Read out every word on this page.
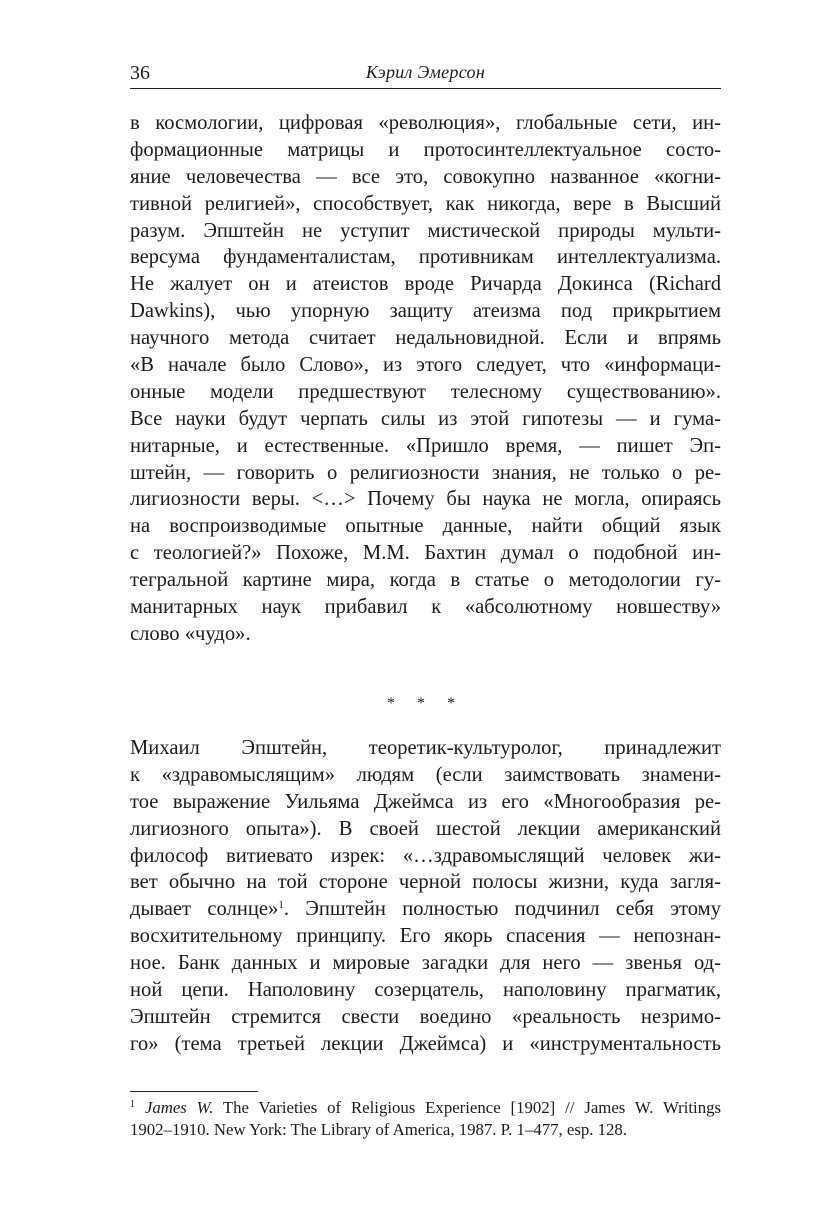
36	Кэрил Эмерсон
в космологии, цифровая «революция», глобальные сети, ин-
формационные матрицы и протосинтеллектуальное состо-
яние человечества — все это, совокупно названное «когни-
тивной религией», способствует, как никогда, вере в Высший
разум. Эпштейн не уступит мистической природы мульти-
версума фундаменталистам, противникам интеллектуализма.
Не жалует он и атеистов вроде Ричарда Докинса (Richard
Dawkins), чью упорную защиту атеизма под прикрытием
научного метода считает недальновидной. Если и впрямь
«В начале было Слово», из этого следует, что «информаци-
онные модели предшествуют телесному существованию».
Все науки будут черпать силы из этой гипотезы — и гума-
нитарные, и естественные. «Пришло время, — пишет Эп-
штейн, — говорить о религиозности знания, не только о ре-
лигиозности веры. <…> Почему бы наука не могла, опираясь
на воспроизводимые опытные данные, найти общий язык
с теологией?» Похоже, М.М. Бахтин думал о подобной ин-
тегральной картине мира, когда в статье о методологии гу-
манитарных наук прибавил к «абсолютному новшеству»
слово «чудо».
* * *
Михаил Эпштейн, теоретик-культуролог, принадлежит
к «здравомыслящим» людям (если заимствовать знамени-
тое выражение Уильяма Джеймса из его «Многообразия ре-
лигиозного опыта»). В своей шестой лекции американский
философ витиевато изрек: «…здравомыслящий человек жи-
вет обычно на той стороне черной полосы жизни, куда загля-
дывает солнце»$^1$. Эпштейн полностью подчинил себя этому
восхитительному принципу. Его якорь спасения — непознан-
ное. Банк данных и мировые загадки для него — звенья од-
ной цепи. Наполовину созерцатель, наполовину прагматик,
Эпштейн стремится свести воедино «реальность незримо-
го» (тема третьей лекции Джеймса) и «инструментальность
$^1$ James W. The Varieties of Religious Experience [1902] // James W. Writings
1902–1910. New York: The Library of America, 1987. P. 1–477, esp. 128.
